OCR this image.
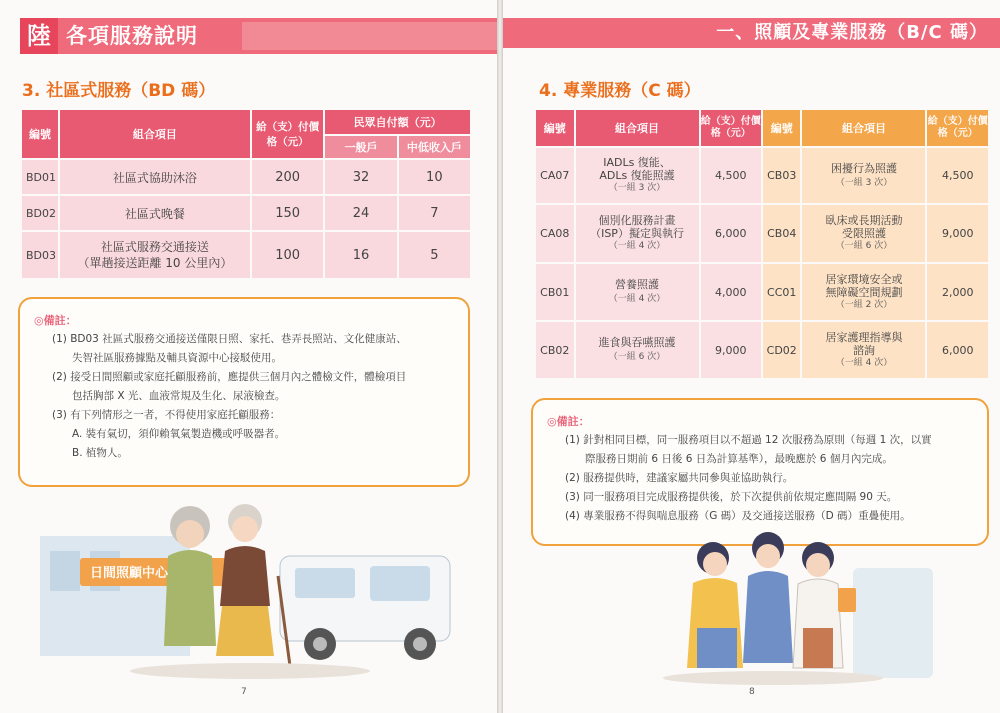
陸 各項服務說明
3. 社區式服務（BD 碼）
編號	組合項目	給（支）付價格（元）	民眾自付額（元）	
			一般戶	中低收入戶
BD01	社區式協助沐浴	200	32	10
BD02	社區式晚餐	150	24	7
BD03	社區式服務交通接送
（單趟接送距離 10 公里內）	100	16	5
◎備註：
(1) BD03 社區式服務交通接送僅限日照、家托、巷弄長照站、文化健康站、
失智社區服務據點及輔具資源中心接駁使用。
(2) 接受日間照顧或家庭托顧服務前，應提供三個月內之體檢文件，體檢項目
包括胸部 X 光、血液常規及生化、尿液檢查。
(3) 有下列情形之一者，不得使用家庭托顧服務：
A. 裝有氣切，須仰賴氧氣製造機或呼吸器者。
B. 植物人。
日間照顧中心
7
一、照顧及專業服務（B/C 碼）
4. 專業服務（C 碼）
編號	組合項目	給（支）付價格（元）	編號	組合項目	給（支）付價格（元）
CA07	IADLs 復能、
ADLs 復能照護
（一組 3 次）	4,500	CB03	困擾行為照護
（一組 3 次）	4,500
CA08	個別化服務計畫
（ISP）擬定與執行
（一組 4 次）	6,000	CB04	臥床或長期活動
受限照護
（一組 6 次）	9,000
CB01	營養照護
（一組 4 次）	4,000	CC01	居家環境安全或
無障礙空間規劃
（一組 2 次）	2,000
CB02	進食與吞嚥照護
（一組 6 次）	9,000	CD02	居家護理指導與
諮詢
（一組 4 次）	6,000
◎備註：
(1) 針對相同目標，同一服務項目以不超過 12 次服務為原則（每週 1 次，以實
際服務日期前 6 日後 6 日為計算基準），最晚應於 6 個月內完成。
(2) 服務提供時，建議家屬共同參與並協助執行。
(3) 同一服務項目完成服務提供後，於下次提供前依規定應間隔 90 天。
(4) 專業服務不得與喘息服務（G 碼）及交通接送服務（D 碼）重疊使用。
8
